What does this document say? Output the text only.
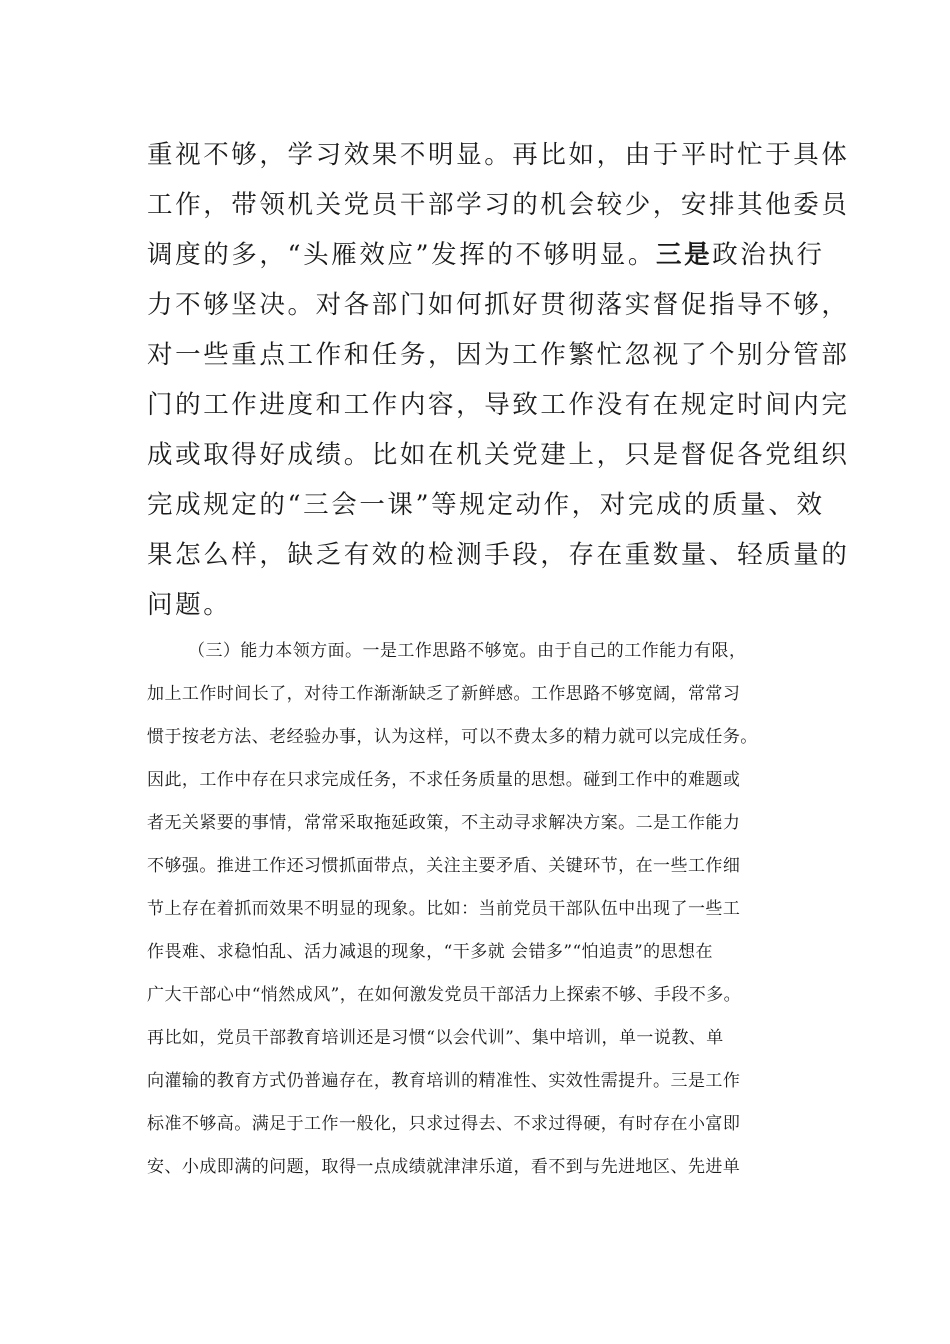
重视不够，学习效果不明显。再比如，由于平时忙于具体
工作，带领机关党员干部学习的机会较少，安排其他委员
调度的多，“头雁效应”发挥的不够明显。三是政治执行
力不够坚决。对各部门如何抓好贯彻落实督促指导不够，
对一些重点工作和任务，因为工作繁忙忽视了个别分管部
门的工作进度和工作内容，导致工作没有在规定时间内完
成或取得好成绩。比如在机关党建上，只是督促各党组织
完成规定的“三会一课”等规定动作，对完成的质量、效
果怎么样，缺乏有效的检测手段，存在重数量、轻质量的
问题。
（三）能力本领方面。一是工作思路不够宽。由于自己的工作能力有限，
加上工作时间长了，对待工作渐渐缺乏了新鲜感。工作思路不够宽阔，常常习
惯于按老方法、老经验办事，认为这样，可以不费太多的精力就可以完成任务。
因此，工作中存在只求完成任务，不求任务质量的思想。碰到工作中的难题或
者无关紧要的事情，常常采取拖延政策，不主动寻求解决方案。二是工作能力
不够强。推进工作还习惯抓面带点，关注主要矛盾、关键环节，在一些工作细
节上存在着抓而效果不明显的现象。比如：当前党员干部队伍中出现了一些工
作畏难、求稳怕乱、活力减退的现象，“干多就 会错多”“怕追责”的思想在
广大干部心中“悄然成风”，在如何激发党员干部活力上探索不够、手段不多。
再比如，党员干部教育培训还是习惯“以会代训”、集中培训，单一说教、单
向灌输的教育方式仍普遍存在，教育培训的精准性、实效性需提升。三是工作
标准不够高。满足于工作一般化，只求过得去、不求过得硬，有时存在小富即
安、小成即满的问题，取得一点成绩就津津乐道，看不到与先进地区、先进单
